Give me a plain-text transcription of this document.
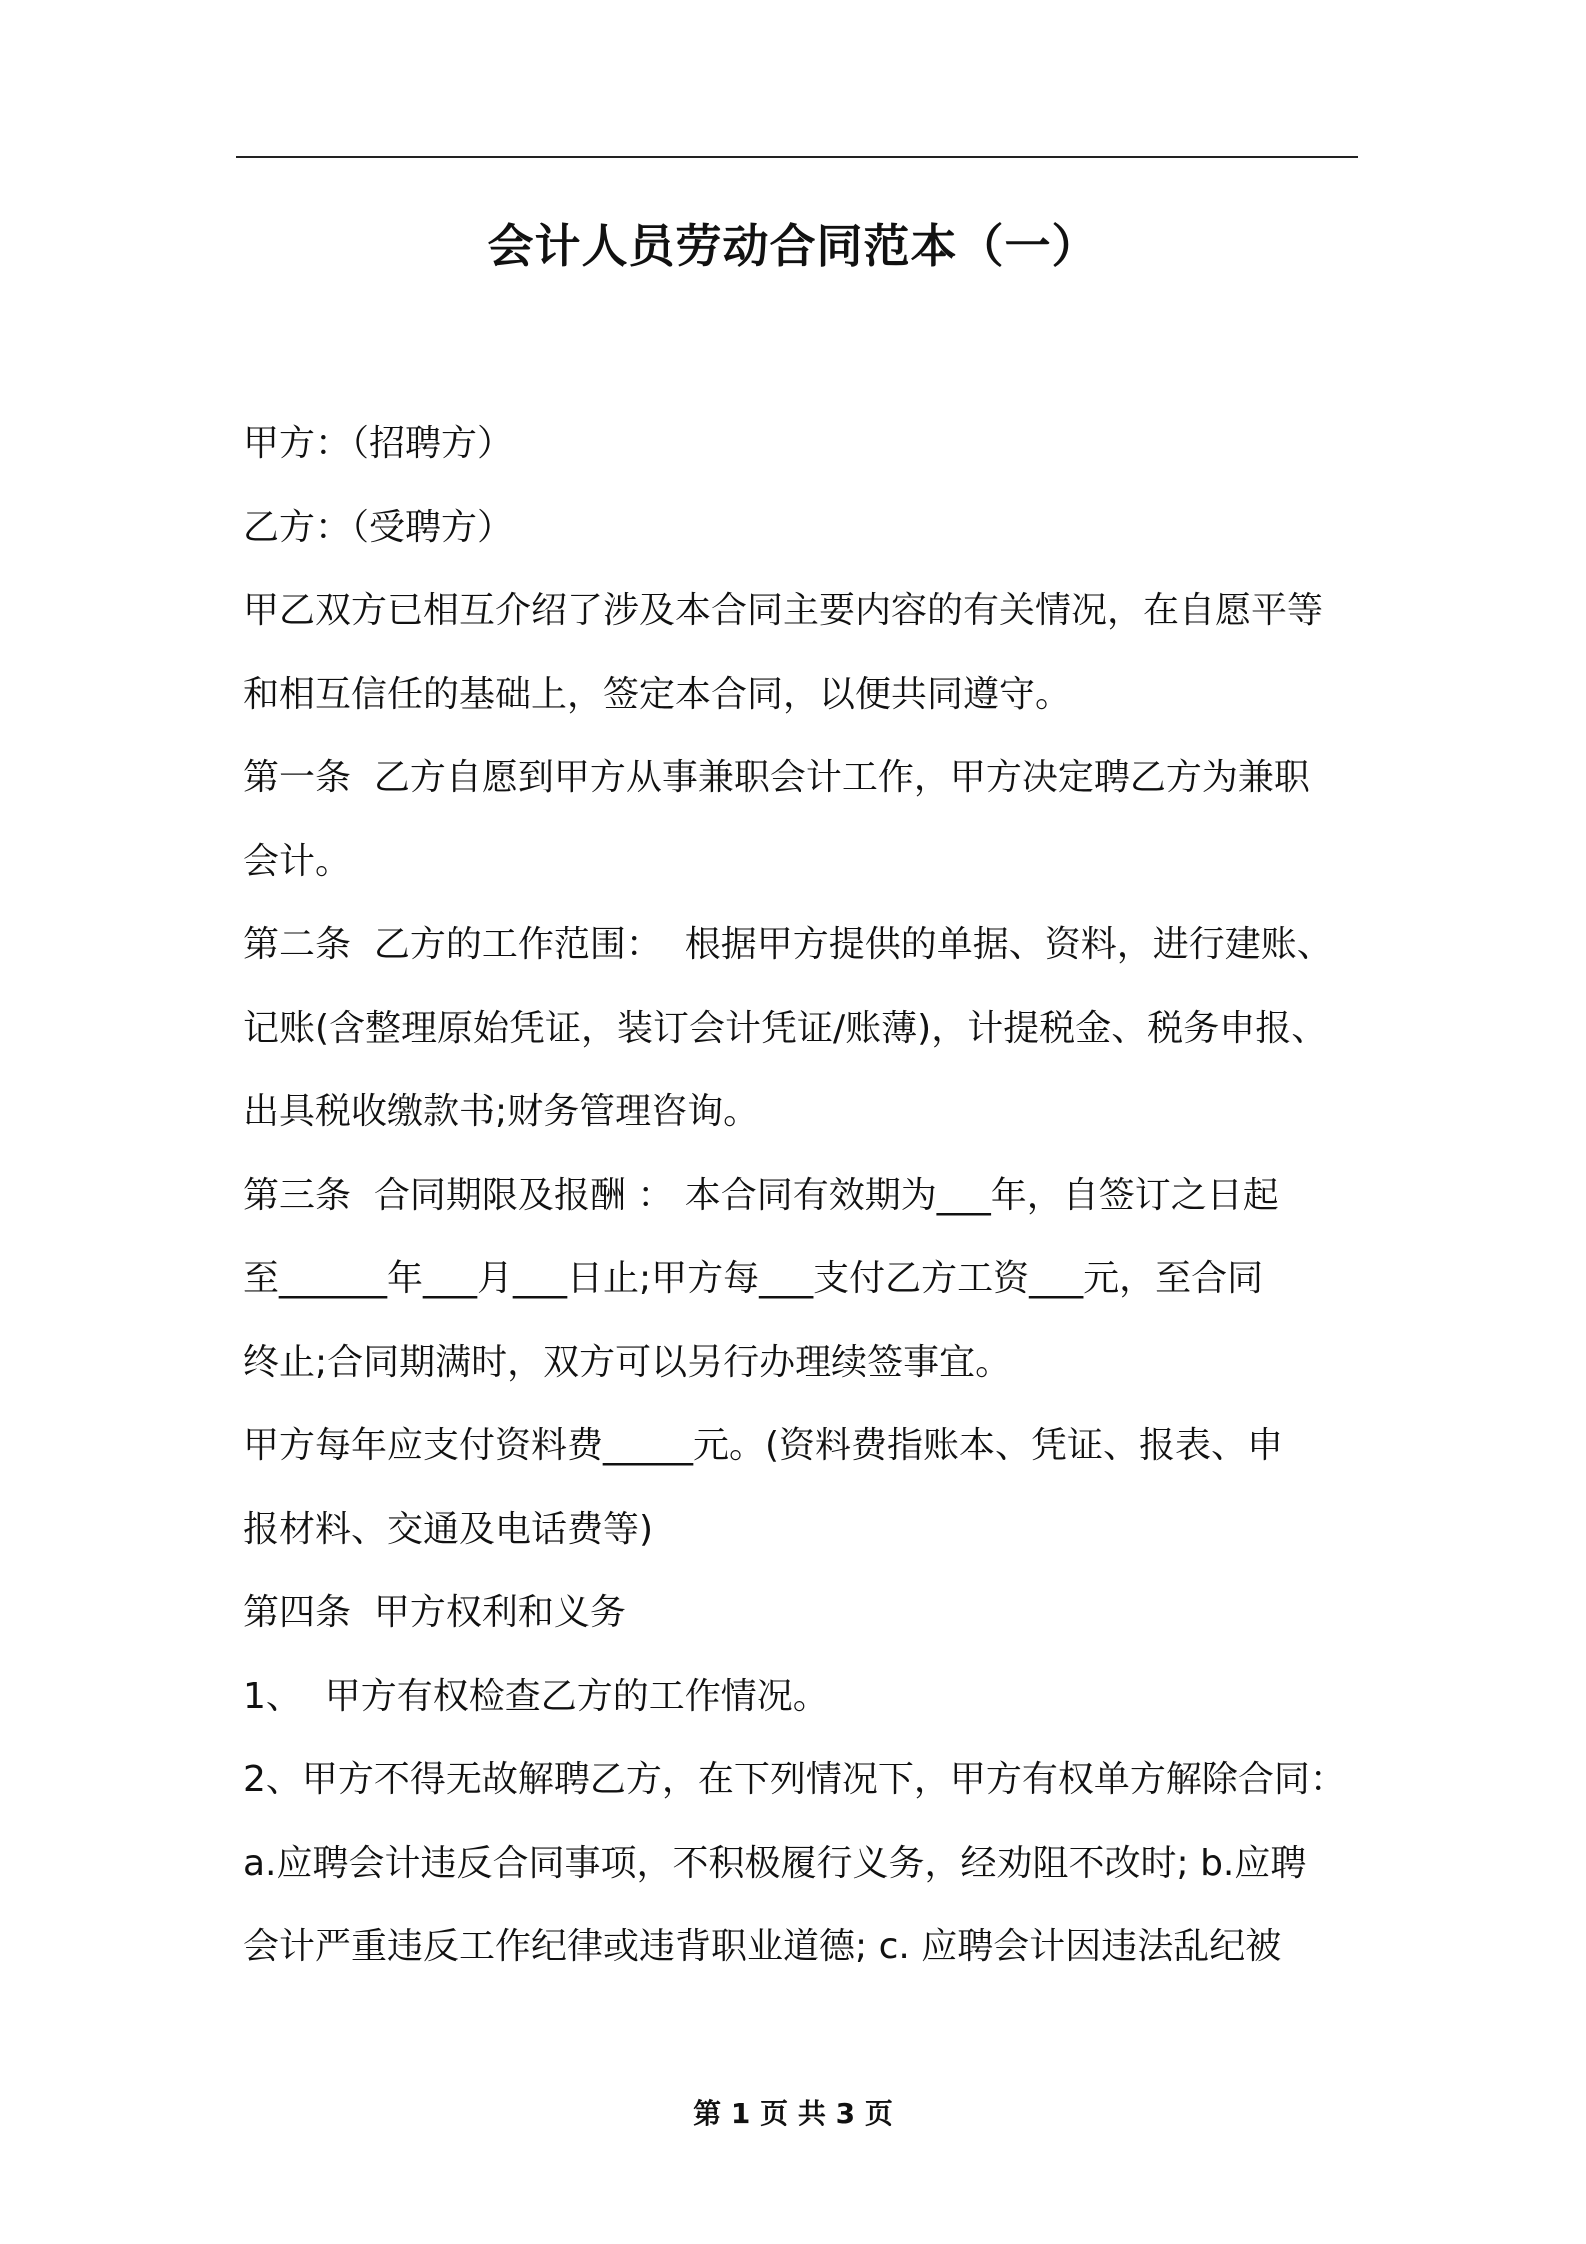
会计人员劳动合同范本（一）
甲方：（招聘方）
乙方：（受聘方）
甲乙双方已相互介绍了涉及本合同主要内容的有关情况，在自愿平等
和相互信任的基础上，签定本合同，以便共同遵守。
第一条  乙方自愿到甲方从事兼职会计工作，甲方决定聘乙方为兼职
会计。
第二条  乙方的工作范围：  根据甲方提供的单据、资料，进行建账、
记账(含整理原始凭证，装订会计凭证/账薄)，计提税金、税务申报、
出具税收缴款书;财务管理咨询。
第三条  合同期限及报酬 ： 本合同有效期为___年，自签订之日起
至______年___月___日止;甲方每___支付乙方工资___元，至合同
终止;合同期满时，双方可以另行办理续签事宜。
甲方每年应支付资料费_____元。(资料费指账本、凭证、报表、申
报材料、交通及电话费等)
第四条  甲方权利和义务
1、  甲方有权检查乙方的工作情况。
2、甲方不得无故解聘乙方，在下列情况下，甲方有权单方解除合同：
a.应聘会计违反合同事项，不积极履行义务，经劝阻不改时; b.应聘
会计严重违反工作纪律或违背职业道德; c. 应聘会计因违法乱纪被
第 1 页 共 3 页
